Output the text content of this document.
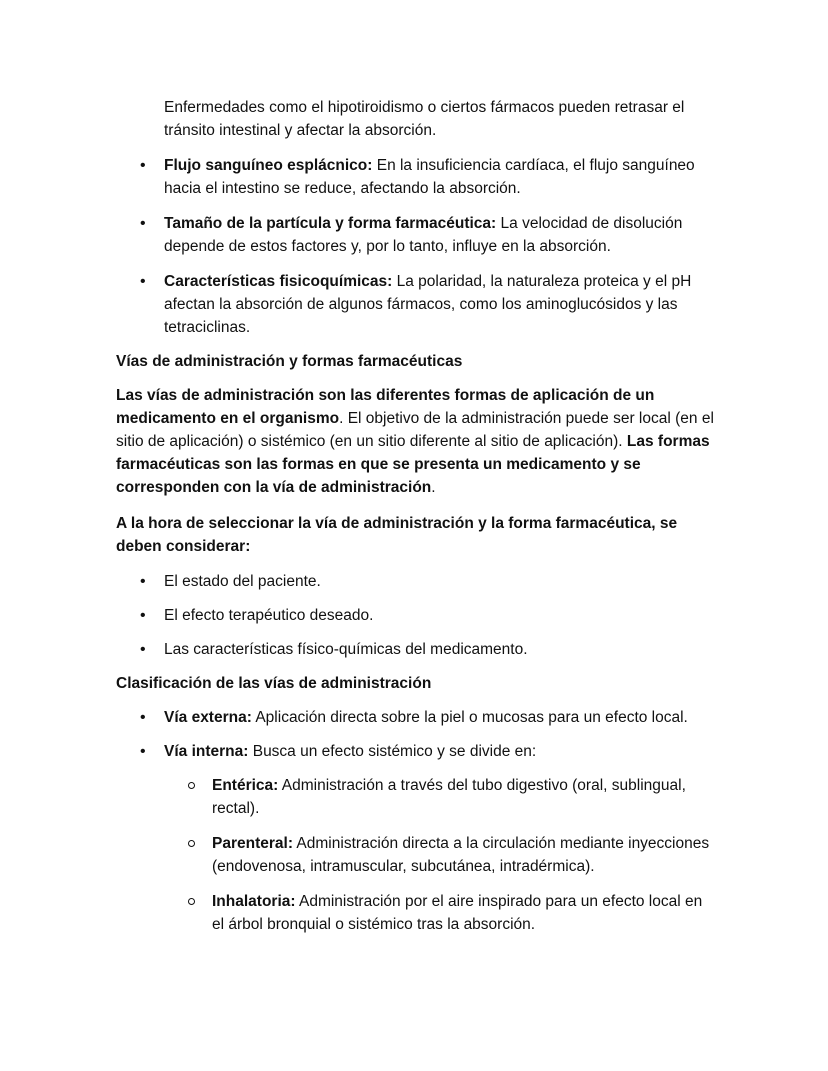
Enfermedades como el hipotiroidismo o ciertos fármacos pueden retrasar el tránsito intestinal y afectar la absorción.

• Flujo sanguíneo esplácnico: En la insuficiencia cardíaca, el flujo sanguíneo hacia el intestino se reduce, afectando la absorción.

• Tamaño de la partícula y forma farmacéutica: La velocidad de disolución depende de estos factores y, por lo tanto, influye en la absorción.

• Características fisicoquímicas: La polaridad, la naturaleza proteica y el pH afectan la absorción de algunos fármacos, como los aminoglucósidos y las tetraciclinas.

Vías de administración y formas farmacéuticas

Las vías de administración son las diferentes formas de aplicación de un medicamento en el organismo. El objetivo de la administración puede ser local (en el sitio de aplicación) o sistémico (en un sitio diferente al sitio de aplicación). Las formas farmacéuticas son las formas en que se presenta un medicamento y se corresponden con la vía de administración.

A la hora de seleccionar la vía de administración y la forma farmacéutica, se deben considerar:

• El estado del paciente.

• El efecto terapéutico deseado.

• Las características físico-químicas del medicamento.

Clasificación de las vías de administración

• Vía externa: Aplicación directa sobre la piel o mucosas para un efecto local.

• Vía interna: Busca un efecto sistémico y se divide en:

Entérica: Administración a través del tubo digestivo (oral, sublingual, rectal).

Parenteral: Administración directa a la circulación mediante inyecciones (endovenosa, intramuscular, subcutánea, intradérmica).

Inhalatoria: Administración por el aire inspirado para un efecto local en el árbol bronquial o sistémico tras la absorción.
